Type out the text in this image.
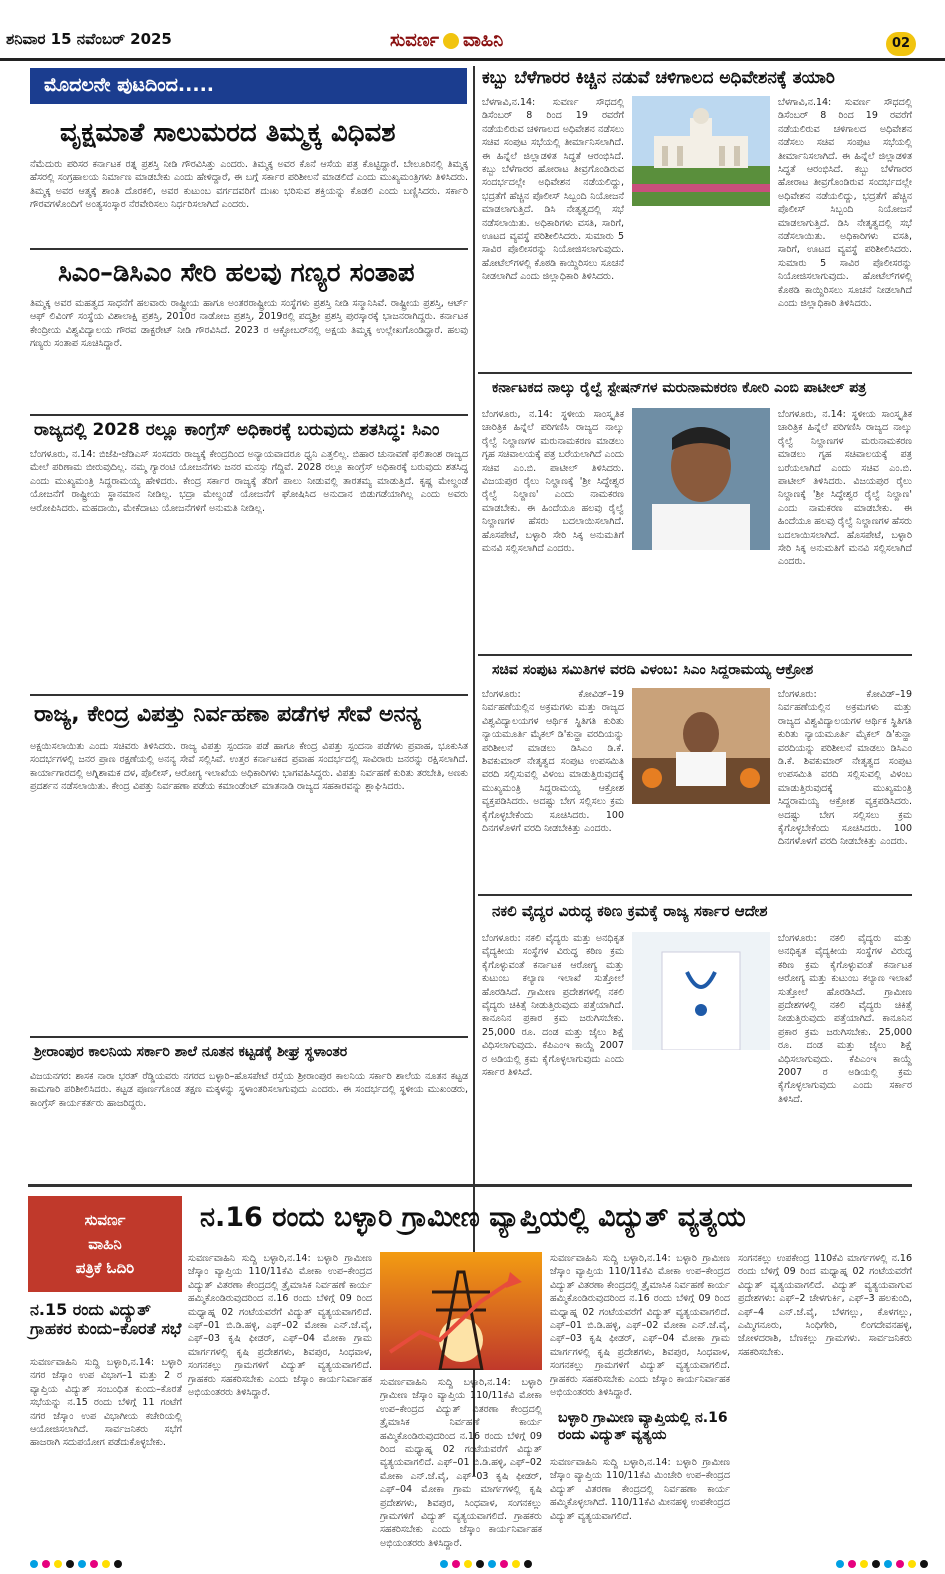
ಶನಿವಾರ 15 ನವೆಂಬರ್ 2025	ಸುವರ್ಣ ವಾಹಿನಿ	02
ಮೊದಲನೇ ಪುಟದಿಂದ.....
ವೃಕ್ಷಮಾತೆ ಸಾಲುಮರದ ತಿಮ್ಮಕ್ಕ ವಿಧಿವಶ
ನೆಮೆದುರು ಪರಿಸರ ಕರ್ನಾಟಕ ರತ್ನ ಪ್ರಶಸ್ತಿ ನೀಡಿ ಗೌರವಿಸಿತ್ತು ಎಂದರು. ತಿಮ್ಮಕ್ಕ ಅವರ ಕೊನೆ ಆಸೆಯ ಪತ್ರ ಕೊಟ್ಟಿದ್ದಾರೆ. ಬೇಲೂರಿನಲ್ಲಿ ತಿಮ್ಮಕ್ಕ ಹೆಸರಲ್ಲಿ ಸಂಗ್ರಹಾಲಯ ನಿರ್ಮಾಣ ಮಾಡಬೇಕು ಎಂದು ಹೇಳಿದ್ದಾರೆ, ಈ ಬಗ್ಗೆ ಸರ್ಕಾರ ಪರಿಶೀಲನೆ ಮಾಡಲಿದೆ ಎಂದು ಮುಖ್ಯಮಂತ್ರಿಗಳು ತಿಳಿಸಿದರು. ತಿಮ್ಮಕ್ಕ ಅವರ ಆತ್ಮಕ್ಕೆ ಶಾಂತಿ ದೊರಕಲಿ, ಅವರ ಕುಟುಂಬ ವರ್ಗದವರಿಗೆ ದುಃಖ ಭರಿಸುವ ಶಕ್ತಿಯನ್ನು ಕೊಡಲಿ ಎಂದು ಬಣ್ಣಿಸಿದರು. ಸರ್ಕಾರಿ ಗೌರವಗಳೊಂದಿಗೆ ಅಂತ್ಯಸಂಸ್ಕಾರ ನೆರವೇರಿಸಲು ನಿರ್ಧರಿಸಲಾಗಿದೆ ಎಂದರು.
ಸಿಎಂ–ಡಿಸಿಎಂ ಸೇರಿ ಹಲವು ಗಣ್ಯರ ಸಂತಾಪ
ತಿಮ್ಮಕ್ಕ ಅವರ ಮಹತ್ವದ ಸಾಧನೆಗೆ ಹಲವಾರು ರಾಷ್ಟ್ರೀಯ ಹಾಗೂ ಅಂತರರಾಷ್ಟ್ರೀಯ ಸಂಸ್ಥೆಗಳು ಪ್ರಶಸ್ತಿ ನೀಡಿ ಸನ್ಮಾನಿಸಿವೆ. ರಾಷ್ಟ್ರೀಯ ಪ್ರಶಸ್ತಿ, ಆರ್ಟ್ ಆಫ್ ಲಿವಿಂಗ್ ಸಂಸ್ಥೆಯ ವಿಶಾಲಾಕ್ಷಿ ಪ್ರಶಸ್ತಿ, 2010ರ ನಾಡೋಜ ಪ್ರಶಸ್ತಿ, 2019ರಲ್ಲಿ ಪದ್ಮಶ್ರೀ ಪ್ರಶಸ್ತಿ ಪುರಸ್ಕಾರಕ್ಕೆ ಭಾಜನರಾಗಿದ್ದರು. ಕರ್ನಾಟಕ ಕೇಂದ್ರೀಯ ವಿಶ್ವವಿದ್ಯಾಲಯ ಗೌರವ ಡಾಕ್ಟರೇಟ್ ನೀಡಿ ಗೌರವಿಸಿದೆ. 2023 ರ ಆಕ್ಟೋಬರ್‌ನಲ್ಲಿ ಅಕ್ಷಯ ತಿಮ್ಮಕ್ಕ ಉಲ್ಲೇಖಗೊಂಡಿದ್ದಾರೆ. ಹಲವು ಗಣ್ಯರು ಸಂತಾಪ ಸೂಚಿಸಿದ್ದಾರೆ.
ರಾಜ್ಯದಲ್ಲಿ 2028 ರಲ್ಲೂ ಕಾಂಗ್ರೆಸ್ ಅಧಿಕಾರಕ್ಕೆ ಬರುವುದು ಶತಸಿದ್ಧ: ಸಿಎಂ
ಬೆಂಗಳೂರು, ನ.14: ಬಿಜೆಪಿ-ಜೆಡಿಎಸ್ ಸಂಸದರು ರಾಜ್ಯಕ್ಕೆ ಕೇಂದ್ರದಿಂದ ಅನ್ಯಾಯವಾದರೂ ಧ್ವನಿ ಎತ್ತಲಿಲ್ಲ. ಬಿಹಾರ ಚುನಾವಣೆ ಫಲಿತಾಂಶ ರಾಜ್ಯದ ಮೇಲೆ ಪರಿಣಾಮ ಬೀರುವುದಿಲ್ಲ. ನಮ್ಮ ಗ್ಯಾರಂಟಿ ಯೋಜನೆಗಳು ಜನರ ಮನಸ್ಸು ಗೆದ್ದಿವೆ. 2028 ರಲ್ಲೂ ಕಾಂಗ್ರೆಸ್ ಅಧಿಕಾರಕ್ಕೆ ಬರುವುದು ಶತಸಿದ್ಧ ಎಂದು ಮುಖ್ಯಮಂತ್ರಿ ಸಿದ್ದರಾಮಯ್ಯ ಹೇಳಿದರು. ಕೇಂದ್ರ ಸರ್ಕಾರ ರಾಜ್ಯಕ್ಕೆ ತೆರಿಗೆ ಪಾಲು ನೀಡುವಲ್ಲಿ ತಾರತಮ್ಯ ಮಾಡುತ್ತಿದೆ. ಕೃಷ್ಣ ಮೇಲ್ದಂಡೆ ಯೋಜನೆಗೆ ರಾಷ್ಟ್ರೀಯ ಸ್ಥಾನಮಾನ ನೀಡಿಲ್ಲ. ಭದ್ರಾ ಮೇಲ್ದಂಡೆ ಯೋಜನೆಗೆ ಘೋಷಿಸಿದ ಅನುದಾನ ಬಿಡುಗಡೆಯಾಗಿಲ್ಲ ಎಂದು ಅವರು ಆರೋಪಿಸಿದರು. ಮಹದಾಯಿ, ಮೇಕೆದಾಟು ಯೋಜನೆಗಳಿಗೆ ಅನುಮತಿ ನೀಡಿಲ್ಲ.
ರಾಜ್ಯ, ಕೇಂದ್ರ ವಿಪತ್ತು ನಿರ್ವಹಣಾ ಪಡೆಗಳ ಸೇವೆ ಅನನ್ಯ
ಅಕ್ಷಯಿಸಲಾಯಿತು ಎಂದು ಸಚಿವರು ತಿಳಿಸಿದರು. ರಾಜ್ಯ ವಿಪತ್ತು ಸ್ಪಂದನಾ ಪಡೆ ಹಾಗೂ ಕೇಂದ್ರ ವಿಪತ್ತು ಸ್ಪಂದನಾ ಪಡೆಗಳು ಪ್ರವಾಹ, ಭೂಕುಸಿತ ಸಂದರ್ಭಗಳಲ್ಲಿ ಜನರ ಪ್ರಾಣ ರಕ್ಷಣೆಯಲ್ಲಿ ಅನನ್ಯ ಸೇವೆ ಸಲ್ಲಿಸಿವೆ. ಉತ್ತರ ಕರ್ನಾಟಕದ ಪ್ರವಾಹ ಸಂದರ್ಭದಲ್ಲಿ ಸಾವಿರಾರು ಜನರನ್ನು ರಕ್ಷಿಸಲಾಗಿದೆ. ಕಾರ್ಯಾಗಾರದಲ್ಲಿ ಅಗ್ನಿಶಾಮಕ ದಳ, ಪೊಲೀಸ್, ಆರೋಗ್ಯ ಇಲಾಖೆಯ ಅಧಿಕಾರಿಗಳು ಭಾಗವಹಿಸಿದ್ದರು. ವಿಪತ್ತು ನಿರ್ವಹಣೆ ಕುರಿತು ತರಬೇತಿ, ಅಣಕು ಪ್ರದರ್ಶನ ನಡೆಸಲಾಯಿತು. ಕೇಂದ್ರ ವಿಪತ್ತು ನಿರ್ವಹಣಾ ಪಡೆಯ ಕಮಾಂಡೆಂಟ್ ಮಾತನಾಡಿ ರಾಜ್ಯದ ಸಹಕಾರವನ್ನು ಶ್ಲಾಘಿಸಿದರು.
ಶ್ರೀರಾಂಪುರ ಕಾಲನಿಯ ಸರ್ಕಾರಿ ಶಾಲೆ ನೂತನ ಕಟ್ಟಡಕ್ಕೆ ಶೀಘ್ರ ಸ್ಥಳಾಂತರ
ವಿಜಯನಗರ: ಶಾಸಕ ನಾರಾ ಭರತ್ ರೆಡ್ಡಿಯವರು ನಗರದ ಬಳ್ಳಾರಿ–ಹೊಸಪೇಟೆ ರಸ್ತೆಯ ಶ್ರೀರಾಂಪುರ ಕಾಲನಿಯ ಸರ್ಕಾರಿ ಶಾಲೆಯ ನೂತನ ಕಟ್ಟಡ ಕಾಮಗಾರಿ ಪರಿಶೀಲಿಸಿದರು. ಕಟ್ಟಡ ಪೂರ್ಣಗೊಂಡ ತಕ್ಷಣ ಮಕ್ಕಳನ್ನು ಸ್ಥಳಾಂತರಿಸಲಾಗುವುದು ಎಂದರು. ಈ ಸಂದರ್ಭದಲ್ಲಿ ಸ್ಥಳೀಯ ಮುಖಂಡರು, ಕಾಂಗ್ರೆಸ್ ಕಾರ್ಯಕರ್ತರು ಹಾಜರಿದ್ದರು.
ಕಬ್ಬು ಬೆಳೆಗಾರರ ಕಿಚ್ಚಿನ ನಡುವೆ ಚಳಿಗಾಲದ ಅಧಿವೇಶನಕ್ಕೆ ತಯಾರಿ
ಬೆಳಗಾವಿ,ನ.14: ಸುವರ್ಣ ಸೌಧದಲ್ಲಿ ಡಿಸೆಂಬರ್ 8 ರಿಂದ 19 ರವರೆಗೆ ನಡೆಯಲಿರುವ ಚಳಿಗಾಲದ ಅಧಿವೇಶನ ನಡೆಸಲು ಸಚಿವ ಸಂಪುಟ ಸಭೆಯಲ್ಲಿ ತೀರ್ಮಾನಿಸಲಾಗಿದೆ. ಈ ಹಿನ್ನೆಲೆ ಜಿಲ್ಲಾಡಳಿತ ಸಿದ್ಧತೆ ಆರಂಭಿಸಿದೆ. ಕಬ್ಬು ಬೆಳೆಗಾರರ ಹೋರಾಟ ತೀವ್ರಗೊಂಡಿರುವ ಸಂದರ್ಭದಲ್ಲೇ ಅಧಿವೇಶನ ನಡೆಯಲಿದ್ದು, ಭದ್ರತೆಗೆ ಹೆಚ್ಚಿನ ಪೊಲೀಸ್ ಸಿಬ್ಬಂದಿ ನಿಯೋಜನೆ ಮಾಡಲಾಗುತ್ತಿದೆ. ಡಿಸಿ ನೇತೃತ್ವದಲ್ಲಿ ಸಭೆ ನಡೆಸಲಾಯಿತು. ಅಧಿಕಾರಿಗಳು ವಸತಿ, ಸಾರಿಗೆ, ಊಟದ ವ್ಯವಸ್ಥೆ ಪರಿಶೀಲಿಸಿದರು. ಸುಮಾರು 5 ಸಾವಿರ ಪೊಲೀಸರನ್ನು ನಿಯೋಜಿಸಲಾಗುವುದು. ಹೋಟೆಲ್‌ಗಳಲ್ಲಿ ಕೊಠಡಿ ಕಾಯ್ದಿರಿಸಲು ಸೂಚನೆ ನೀಡಲಾಗಿದೆ ಎಂದು ಜಿಲ್ಲಾಧಿಕಾರಿ ತಿಳಿಸಿದರು.
ಬೆಳಗಾವಿ,ನ.14: ಸುವರ್ಣ ಸೌಧದಲ್ಲಿ ಡಿಸೆಂಬರ್ 8 ರಿಂದ 19 ರವರೆಗೆ ನಡೆಯಲಿರುವ ಚಳಿಗಾಲದ ಅಧಿವೇಶನ ನಡೆಸಲು ಸಚಿವ ಸಂಪುಟ ಸಭೆಯಲ್ಲಿ ತೀರ್ಮಾನಿಸಲಾಗಿದೆ. ಈ ಹಿನ್ನೆಲೆ ಜಿಲ್ಲಾಡಳಿತ ಸಿದ್ಧತೆ ಆರಂಭಿಸಿದೆ. ಕಬ್ಬು ಬೆಳೆಗಾರರ ಹೋರಾಟ ತೀವ್ರಗೊಂಡಿರುವ ಸಂದರ್ಭದಲ್ಲೇ ಅಧಿವೇಶನ ನಡೆಯಲಿದ್ದು, ಭದ್ರತೆಗೆ ಹೆಚ್ಚಿನ ಪೊಲೀಸ್ ಸಿಬ್ಬಂದಿ ನಿಯೋಜನೆ ಮಾಡಲಾಗುತ್ತಿದೆ. ಡಿಸಿ ನೇತೃತ್ವದಲ್ಲಿ ಸಭೆ ನಡೆಸಲಾಯಿತು. ಅಧಿಕಾರಿಗಳು ವಸತಿ, ಸಾರಿಗೆ, ಊಟದ ವ್ಯವಸ್ಥೆ ಪರಿಶೀಲಿಸಿದರು. ಸುಮಾರು 5 ಸಾವಿರ ಪೊಲೀಸರನ್ನು ನಿಯೋಜಿಸಲಾಗುವುದು. ಹೋಟೆಲ್‌ಗಳಲ್ಲಿ ಕೊಠಡಿ ಕಾಯ್ದಿರಿಸಲು ಸೂಚನೆ ನೀಡಲಾಗಿದೆ ಎಂದು ಜಿಲ್ಲಾಧಿಕಾರಿ ತಿಳಿಸಿದರು.
ಕರ್ನಾಟಕದ ನಾಲ್ಕು ರೈಲ್ವೆ ಸ್ಟೇಷನ್‌ಗಳ ಮರುನಾಮಕರಣ ಕೋರಿ ಎಂಬಿ ಪಾಟೀಲ್ ಪತ್ರ
ಬೆಂಗಳೂರು, ನ.14: ಸ್ಥಳೀಯ ಸಾಂಸ್ಕೃತಿಕ ಚಾರಿತ್ರಿಕ ಹಿನ್ನೆಲೆ ಪರಿಗಣಿಸಿ ರಾಜ್ಯದ ನಾಲ್ಕು ರೈಲ್ವೆ ನಿಲ್ದಾಣಗಳ ಮರುನಾಮಕರಣ ಮಾಡಲು ಗೃಹ ಸಚಿವಾಲಯಕ್ಕೆ ಪತ್ರ ಬರೆಯಲಾಗಿದೆ ಎಂದು ಸಚಿವ ಎಂ.ಬಿ. ಪಾಟೀಲ್ ತಿಳಿಸಿದರು. ವಿಜಯಪುರ ರೈಲು ನಿಲ್ದಾಣಕ್ಕೆ 'ಶ್ರೀ ಸಿದ್ಧೇಶ್ವರ ರೈಲ್ವೆ ನಿಲ್ದಾಣ' ಎಂದು ನಾಮಕರಣ ಮಾಡಬೇಕು. ಈ ಹಿಂದೆಯೂ ಹಲವು ರೈಲ್ವೆ ನಿಲ್ದಾಣಗಳ ಹೆಸರು ಬದಲಾಯಿಸಲಾಗಿದೆ. ಹೊಸಪೇಟೆ, ಬಳ್ಳಾರಿ ಸೇರಿ ಸಿಕ್ಕ ಅನುಮತಿಗೆ ಮನವಿ ಸಲ್ಲಿಸಲಾಗಿದೆ ಎಂದರು.
ಬೆಂಗಳೂರು, ನ.14: ಸ್ಥಳೀಯ ಸಾಂಸ್ಕೃತಿಕ ಚಾರಿತ್ರಿಕ ಹಿನ್ನೆಲೆ ಪರಿಗಣಿಸಿ ರಾಜ್ಯದ ನಾಲ್ಕು ರೈಲ್ವೆ ನಿಲ್ದಾಣಗಳ ಮರುನಾಮಕರಣ ಮಾಡಲು ಗೃಹ ಸಚಿವಾಲಯಕ್ಕೆ ಪತ್ರ ಬರೆಯಲಾಗಿದೆ ಎಂದು ಸಚಿವ ಎಂ.ಬಿ. ಪಾಟೀಲ್ ತಿಳಿಸಿದರು. ವಿಜಯಪುರ ರೈಲು ನಿಲ್ದಾಣಕ್ಕೆ 'ಶ್ರೀ ಸಿದ್ಧೇಶ್ವರ ರೈಲ್ವೆ ನಿಲ್ದಾಣ' ಎಂದು ನಾಮಕರಣ ಮಾಡಬೇಕು. ಈ ಹಿಂದೆಯೂ ಹಲವು ರೈಲ್ವೆ ನಿಲ್ದಾಣಗಳ ಹೆಸರು ಬದಲಾಯಿಸಲಾಗಿದೆ. ಹೊಸಪೇಟೆ, ಬಳ್ಳಾರಿ ಸೇರಿ ಸಿಕ್ಕ ಅನುಮತಿಗೆ ಮನವಿ ಸಲ್ಲಿಸಲಾಗಿದೆ ಎಂದರು.
ಸಚಿವ ಸಂಪುಟ ಸಮಿತಿಗಳ ವರದಿ ವಿಳಂಬ: ಸಿಎಂ ಸಿದ್ದರಾಮಯ್ಯ ಆಕ್ರೋಶ
ಬೆಂಗಳೂರು: ಕೋವಿಡ್–19 ನಿರ್ವಹಣೆಯಲ್ಲಿನ ಅಕ್ರಮಗಳು ಮತ್ತು ರಾಜ್ಯದ ವಿಶ್ವವಿದ್ಯಾಲಯಗಳ ಆರ್ಥಿಕ ಸ್ಥಿತಿಗತಿ ಕುರಿತು ನ್ಯಾಯಮೂರ್ತಿ ಮೈಕಲ್ ಡಿ'ಕುನ್ಹಾ ವರದಿಯನ್ನು ಪರಿಶೀಲನೆ ಮಾಡಲು ಡಿಸಿಎಂ ಡಿ.ಕೆ. ಶಿವಕುಮಾರ್ ನೇತೃತ್ವದ ಸಂಪುಟ ಉಪಸಮಿತಿ ವರದಿ ಸಲ್ಲಿಸುವಲ್ಲಿ ವಿಳಂಬ ಮಾಡುತ್ತಿರುವುದಕ್ಕೆ ಮುಖ್ಯಮಂತ್ರಿ ಸಿದ್ದರಾಮಯ್ಯ ಆಕ್ರೋಶ ವ್ಯಕ್ತಪಡಿಸಿದರು. ಅದಷ್ಟು ಬೇಗ ಸಲ್ಲಿಸಲು ಕ್ರಮ ಕೈಗೊಳ್ಳಬೇಕೆಂದು ಸೂಚಿಸಿದರು. 100 ದಿನಗಳೊಳಗೆ ವರದಿ ನೀಡಬೇಕಿತ್ತು ಎಂದರು.
ಬೆಂಗಳೂರು: ಕೋವಿಡ್–19 ನಿರ್ವಹಣೆಯಲ್ಲಿನ ಅಕ್ರಮಗಳು ಮತ್ತು ರಾಜ್ಯದ ವಿಶ್ವವಿದ್ಯಾಲಯಗಳ ಆರ್ಥಿಕ ಸ್ಥಿತಿಗತಿ ಕುರಿತು ನ್ಯಾಯಮೂರ್ತಿ ಮೈಕಲ್ ಡಿ'ಕುನ್ಹಾ ವರದಿಯನ್ನು ಪರಿಶೀಲನೆ ಮಾಡಲು ಡಿಸಿಎಂ ಡಿ.ಕೆ. ಶಿವಕುಮಾರ್ ನೇತೃತ್ವದ ಸಂಪುಟ ಉಪಸಮಿತಿ ವರದಿ ಸಲ್ಲಿಸುವಲ್ಲಿ ವಿಳಂಬ ಮಾಡುತ್ತಿರುವುದಕ್ಕೆ ಮುಖ್ಯಮಂತ್ರಿ ಸಿದ್ದರಾಮಯ್ಯ ಆಕ್ರೋಶ ವ್ಯಕ್ತಪಡಿಸಿದರು. ಅದಷ್ಟು ಬೇಗ ಸಲ್ಲಿಸಲು ಕ್ರಮ ಕೈಗೊಳ್ಳಬೇಕೆಂದು ಸೂಚಿಸಿದರು. 100 ದಿನಗಳೊಳಗೆ ವರದಿ ನೀಡಬೇಕಿತ್ತು ಎಂದರು.
ನಕಲಿ ವೈದ್ಯರ ವಿರುದ್ಧ ಕಠಿಣ ಕ್ರಮಕ್ಕೆ ರಾಜ್ಯ ಸರ್ಕಾರ ಆದೇಶ
ಬೆಂಗಳೂರು: ನಕಲಿ ವೈದ್ಯರು ಮತ್ತು ಅನಧಿಕೃತ ವೈದ್ಯಕೀಯ ಸಂಸ್ಥೆಗಳ ವಿರುದ್ಧ ಕಠಿಣ ಕ್ರಮ ಕೈಗೊಳ್ಳುವಂತೆ ಕರ್ನಾಟಕ ಆರೋಗ್ಯ ಮತ್ತು ಕುಟುಂಬ ಕಲ್ಯಾಣ ಇಲಾಖೆ ಸುತ್ತೋಲೆ ಹೊರಡಿಸಿದೆ. ಗ್ರಾಮೀಣ ಪ್ರದೇಶಗಳಲ್ಲಿ ನಕಲಿ ವೈದ್ಯರು ಚಿಕಿತ್ಸೆ ನೀಡುತ್ತಿರುವುದು ಪತ್ತೆಯಾಗಿದೆ. ಕಾನೂನಿನ ಪ್ರಕಾರ ಕ್ರಮ ಜರುಗಿಸಬೇಕು. 25,000 ರೂ. ದಂಡ ಮತ್ತು ಜೈಲು ಶಿಕ್ಷೆ ವಿಧಿಸಲಾಗುವುದು. ಕೆಪಿಎಂಇ ಕಾಯ್ದೆ 2007 ರ ಅಡಿಯಲ್ಲಿ ಕ್ರಮ ಕೈಗೊಳ್ಳಲಾಗುವುದು ಎಂದು ಸರ್ಕಾರ ತಿಳಿಸಿದೆ.
ಬೆಂಗಳೂರು: ನಕಲಿ ವೈದ್ಯರು ಮತ್ತು ಅನಧಿಕೃತ ವೈದ್ಯಕೀಯ ಸಂಸ್ಥೆಗಳ ವಿರುದ್ಧ ಕಠಿಣ ಕ್ರಮ ಕೈಗೊಳ್ಳುವಂತೆ ಕರ್ನಾಟಕ ಆರೋಗ್ಯ ಮತ್ತು ಕುಟುಂಬ ಕಲ್ಯಾಣ ಇಲಾಖೆ ಸುತ್ತೋಲೆ ಹೊರಡಿಸಿದೆ. ಗ್ರಾಮೀಣ ಪ್ರದೇಶಗಳಲ್ಲಿ ನಕಲಿ ವೈದ್ಯರು ಚಿಕಿತ್ಸೆ ನೀಡುತ್ತಿರುವುದು ಪತ್ತೆಯಾಗಿದೆ. ಕಾನೂನಿನ ಪ್ರಕಾರ ಕ್ರಮ ಜರುಗಿಸಬೇಕು. 25,000 ರೂ. ದಂಡ ಮತ್ತು ಜೈಲು ಶಿಕ್ಷೆ ವಿಧಿಸಲಾಗುವುದು. ಕೆಪಿಎಂಇ ಕಾಯ್ದೆ 2007 ರ ಅಡಿಯಲ್ಲಿ ಕ್ರಮ ಕೈಗೊಳ್ಳಲಾಗುವುದು ಎಂದು ಸರ್ಕಾರ ತಿಳಿಸಿದೆ.
ಸುವರ್ಣ
ವಾಹಿನಿ
ಪತ್ರಿಕೆ ಓದಿರಿ
ನ.15 ರಂದು ವಿದ್ಯುತ್ ಗ್ರಾಹಕರ ಕುಂದು–ಕೊರತೆ ಸಭೆ
ಸುವರ್ಣವಾಹಿನಿ ಸುದ್ದಿ ಬಳ್ಳಾರಿ,ನ.14: ಬಳ್ಳಾರಿ ನಗರ ಜೆಸ್ಕಾಂ ಉಪ ವಿಭಾಗ–1 ಮತ್ತು 2 ರ ವ್ಯಾಪ್ತಿಯ ವಿದ್ಯುತ್ ಸಂಬಂಧಿತ ಕುಂದು–ಕೊರತೆ ಸಭೆಯನ್ನು ನ.15 ರಂದು ಬೆಳಿಗ್ಗೆ 11 ಗಂಟೆಗೆ ನಗರ ಜೆಸ್ಕಾಂ ಉಪ ವಿಭಾಗೀಯ ಕಚೇರಿಯಲ್ಲಿ ಆಯೋಜಿಸಲಾಗಿದೆ. ಸಾರ್ವಜನಿಕರು ಸಭೆಗೆ ಹಾಜರಾಗಿ ಸದುಪಯೋಗ ಪಡೆದುಕೊಳ್ಳಬೇಕು.
ನ.16 ರಂದು ಬಳ್ಳಾರಿ ಗ್ರಾಮೀಣ ವ್ಯಾಪ್ತಿಯಲ್ಲಿ ವಿದ್ಯುತ್ ವ್ಯತ್ಯಯ
ಸುವರ್ಣವಾಹಿನಿ ಸುದ್ದಿ ಬಳ್ಳಾರಿ,ನ.14: ಬಳ್ಳಾರಿ ಗ್ರಾಮೀಣ ಜೆಸ್ಕಾಂ ವ್ಯಾಪ್ತಿಯ 110/11ಕೆವಿ ಮೋಕಾ ಉಪ–ಕೇಂದ್ರದ ವಿದ್ಯುತ್ ವಿತರಣಾ ಕೇಂದ್ರದಲ್ಲಿ ತ್ರೈಮಾಸಿಕ ನಿರ್ವಹಣೆ ಕಾರ್ಯ ಹಮ್ಮಿಕೊಂಡಿರುವುದರಿಂದ ನ.16 ರಂದು ಬೆಳಿಗ್ಗೆ 09 ರಿಂದ ಮಧ್ಯಾಹ್ನ 02 ಗಂಟೆಯವರೆಗೆ ವಿದ್ಯುತ್ ವ್ಯತ್ಯಯವಾಗಲಿದೆ. ಎಫ್–01 ಬಿ.ಡಿ.ಹಳ್ಳಿ, ಎಫ್–02 ಮೋಕಾ ಎನ್.ಜೆ.ವೈ, ಎಫ್–03 ಕೃಷಿ ಫೀಡರ್, ಎಫ್–04 ಮೋಕಾ ಗ್ರಾಮ ಮಾರ್ಗಗಳಲ್ಲಿ ಕೃಷಿ ಪ್ರದೇಶಗಳು, ಶಿವಪುರ, ಸಿಂಧವಾಳ, ಸಂಗನಕಲ್ಲು ಗ್ರಾಮಗಳಿಗೆ ವಿದ್ಯುತ್ ವ್ಯತ್ಯಯವಾಗಲಿದೆ. ಗ್ರಾಹಕರು ಸಹಕರಿಸಬೇಕು ಎಂದು ಜೆಸ್ಕಾಂ ಕಾರ್ಯನಿರ್ವಾಹಕ ಅಭಿಯಂತರರು ತಿಳಿಸಿದ್ದಾರೆ.
ಸುವರ್ಣವಾಹಿನಿ ಸುದ್ದಿ ಬಳ್ಳಾರಿ,ನ.14: ಬಳ್ಳಾರಿ ಗ್ರಾಮೀಣ ಜೆಸ್ಕಾಂ ವ್ಯಾಪ್ತಿಯ 110/11ಕೆವಿ ಮೋಕಾ ಉಪ–ಕೇಂದ್ರದ ವಿದ್ಯುತ್ ವಿತರಣಾ ಕೇಂದ್ರದಲ್ಲಿ ತ್ರೈಮಾಸಿಕ ನಿರ್ವಹಣೆ ಕಾರ್ಯ ಹಮ್ಮಿಕೊಂಡಿರುವುದರಿಂದ ನ.16 ರಂದು ಬೆಳಿಗ್ಗೆ 09 ರಿಂದ ಮಧ್ಯಾಹ್ನ 02 ಗಂಟೆಯವರೆಗೆ ವಿದ್ಯುತ್ ವ್ಯತ್ಯಯವಾಗಲಿದೆ. ಎಫ್–01 ಬಿ.ಡಿ.ಹಳ್ಳಿ, ಎಫ್–02 ಮೋಕಾ ಎನ್.ಜೆ.ವೈ, ಎಫ್–03 ಕೃಷಿ ಫೀಡರ್, ಎಫ್–04 ಮೋಕಾ ಗ್ರಾಮ ಮಾರ್ಗಗಳಲ್ಲಿ ಕೃಷಿ ಪ್ರದೇಶಗಳು, ಶಿವಪುರ, ಸಿಂಧವಾಳ, ಸಂಗನಕಲ್ಲು ಗ್ರಾಮಗಳಿಗೆ ವಿದ್ಯುತ್ ವ್ಯತ್ಯಯವಾಗಲಿದೆ. ಗ್ರಾಹಕರು ಸಹಕರಿಸಬೇಕು ಎಂದು ಜೆಸ್ಕಾಂ ಕಾರ್ಯನಿರ್ವಾಹಕ ಅಭಿಯಂತರರು ತಿಳಿಸಿದ್ದಾರೆ.
ಸುವರ್ಣವಾಹಿನಿ ಸುದ್ದಿ ಬಳ್ಳಾರಿ,ನ.14: ಬಳ್ಳಾರಿ ಗ್ರಾಮೀಣ ಜೆಸ್ಕಾಂ ವ್ಯಾಪ್ತಿಯ 110/11ಕೆವಿ ಮೋಕಾ ಉಪ–ಕೇಂದ್ರದ ವಿದ್ಯುತ್ ವಿತರಣಾ ಕೇಂದ್ರದಲ್ಲಿ ತ್ರೈಮಾಸಿಕ ನಿರ್ವಹಣೆ ಕಾರ್ಯ ಹಮ್ಮಿಕೊಂಡಿರುವುದರಿಂದ ನ.16 ರಂದು ಬೆಳಿಗ್ಗೆ 09 ರಿಂದ ಮಧ್ಯಾಹ್ನ 02 ಗಂಟೆಯವರೆಗೆ ವಿದ್ಯುತ್ ವ್ಯತ್ಯಯವಾಗಲಿದೆ. ಎಫ್–01 ಬಿ.ಡಿ.ಹಳ್ಳಿ, ಎಫ್–02 ಮೋಕಾ ಎನ್.ಜೆ.ವೈ, ಎಫ್–03 ಕೃಷಿ ಫೀಡರ್, ಎಫ್–04 ಮೋಕಾ ಗ್ರಾಮ ಮಾರ್ಗಗಳಲ್ಲಿ ಕೃಷಿ ಪ್ರದೇಶಗಳು, ಶಿವಪುರ, ಸಿಂಧವಾಳ, ಸಂಗನಕಲ್ಲು ಗ್ರಾಮಗಳಿಗೆ ವಿದ್ಯುತ್ ವ್ಯತ್ಯಯವಾಗಲಿದೆ. ಗ್ರಾಹಕರು ಸಹಕರಿಸಬೇಕು ಎಂದು ಜೆಸ್ಕಾಂ ಕಾರ್ಯನಿರ್ವಾಹಕ ಅಭಿಯಂತರರು ತಿಳಿಸಿದ್ದಾರೆ.
ಬಳ್ಳಾರಿ ಗ್ರಾಮೀಣ ವ್ಯಾಪ್ತಿಯಲ್ಲಿ ನ.16 ರಂದು ವಿದ್ಯುತ್ ವ್ಯತ್ಯಯ
ಸುವರ್ಣವಾಹಿನಿ ಸುದ್ದಿ ಬಳ್ಳಾರಿ,ನ.14: ಬಳ್ಳಾರಿ ಗ್ರಾಮೀಣ ಜೆಸ್ಕಾಂ ವ್ಯಾಪ್ತಿಯ 110/11ಕೆವಿ ಮಿಂಚೇರಿ ಉಪ–ಕೇಂದ್ರದ ವಿದ್ಯುತ್ ವಿತರಣಾ ಕೇಂದ್ರದಲ್ಲಿ ನಿರ್ವಹಣಾ ಕಾರ್ಯ ಹಮ್ಮಿಕೊಳ್ಳಲಾಗಿದೆ. 110/11ಕೆವಿ ಮೀನಹಳ್ಳಿ ಉಪಕೇಂದ್ರದ ವಿದ್ಯುತ್ ವ್ಯತ್ಯಯವಾಗಲಿದೆ.
ಸಂಗನಕಲ್ಲು ಉಪಕೇಂದ್ರ 110ಕೆವಿ ಮಾರ್ಗಗಳಲ್ಲಿ ನ.16 ರಂದು ಬೆಳಿಗ್ಗೆ 09 ರಿಂದ ಮಧ್ಯಾಹ್ನ 02 ಗಂಟೆಯವರೆಗೆ ವಿದ್ಯುತ್ ವ್ಯತ್ಯಯವಾಗಲಿದೆ. ವಿದ್ಯುತ್ ವ್ಯತ್ಯಯವಾಗುವ ಪ್ರದೇಶಗಳು: ಎಫ್–2 ಚೇಳಗುರ್ಕಿ, ಎಫ್–3 ಹಲಕುಂದಿ, ಎಫ್–4 ಎನ್.ಜೆ.ವೈ, ಬೆಳಗಲ್ಲು, ಕೊಳಗಲ್ಲು, ಎಮ್ಮಿಗನೂರು, ಸಿಂಧಿಗೇರಿ, ಲಿಂಗದೇವನಹಳ್ಳಿ, ಜೋಳದರಾಶಿ, ಬೆಣಕಲ್ಲು ಗ್ರಾಮಗಳು. ಸಾರ್ವಜನಿಕರು ಸಹಕರಿಸಬೇಕು.
